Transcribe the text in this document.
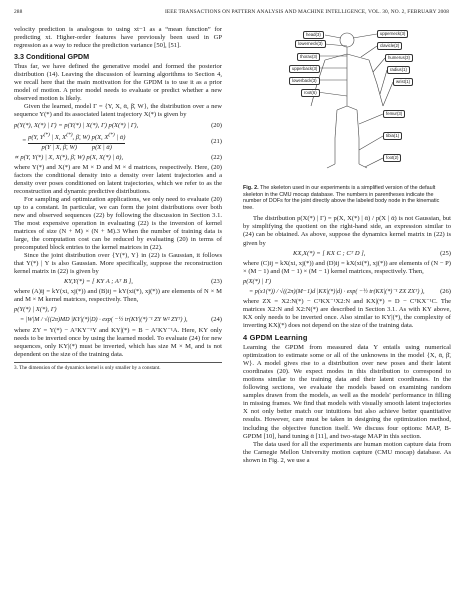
288	IEEE TRANSACTIONS ON PATTERN ANALYSIS AND MACHINE INTELLIGENCE, VOL. 30, NO. 2, FEBRUARY 2008

velocity prediction is analogous to using xt−1 as a “mean function” for predicting xt. Higher-order features have previously been used in GP regression as a way to reduce the prediction variance [50], [51].

3.3 Conditional GPDM

Thus far, we have defined the generative model and formed the posterior distribution (14). Leaving the discussion of learning algorithms to Section 4, we recall here that the main motivation for the GPDM is to use it as a prior model of motion. A prior model needs to evaluate or predict whether a new observed motion is likely.

Given the learned, model Γ = {Y, X, ᾱ, β̄, W}, the distribution over a new sequence Y(*) and its associated latent trajectory X(*) is given by

p(Y(*), X(*) | Γ) = p(Y(*) | X(*), Γ) p(X(*) | Γ),	(20)
= $\frac{p(Y, Y^{(*)} | X, X^{(*)}, \betā, W) p(X, X^{(*)} | ᾱ)}{\text{p(Y | X, β̄, W)         p(X | ᾱ)}}$	(21)
∝ p(Y, Y(*) | X, X(*), β̄, W) p(X, X(*) | ᾱ),	(22)

where Y(*) and X(*) are M × D and M × d matrices, respectively. Here, (20) factors the conditional density into a density over latent trajectories and a density over poses conditioned on latent trajectories, which we refer to as the reconstruction and dynamic predictive distributions.

For sampling and optimization applications, we only need to evaluate (20) up to a constant. In particular, we can form the joint distributions over both new and observed sequences (22) by following the discussion in Section 3.1. The most expensive operation in evaluating (22) is the inversion of kernel matrices of size (N + M) × (N + M).3 When the number of training data is large, the computation cost can be reduced by evaluating (20) in terms of precomputed block entries to the kernel matrices in (22).

Since the joint distribution over {Y(*), Y} in (22) is Gaussian, it follows that Y(*) | Y is also Gaussian. More specifically, suppose the reconstruction kernel matrix in (22) is given by

KY,Y(*) = [ KY A ; Aᵀ B ],	(23)

where (A)ij = kY(xi, xj(*)) and (B)ij = kY(xi(*), xj(*)) are elements of N × M and M × M kernel matrices, respectively. Then,

p(Y(*) | X(*), Γ)
= |W|M / √((2π)MD |KY|(*)|D) · exp( −½ tr(KY|(*)⁻¹ ZY W² ZYᵀ) ),	(24)

where ZY = Y(*) − AᵀKY⁻¹Y and KY|(*) = B − AᵀKY⁻¹A. Here, KY only needs to be inverted once by using the learned model. To evaluate (24) for new sequences, only KY|(*) must be inverted, which has size M × M, and is not dependent on the size of the training data.

3. The dimension of the dynamics kernel is only smaller by a constant.
head(3)
lowerneck(3)
thorax(3)
upperback(3)
lowerback(3)
root(6)
upperneck(3)
clavicle(2)
humerus(3)
radius(1)
wrist(1)
femur(3)
tibia(1)
foot(2)
Fig. 2. The skeleton used in our experiments is a simplified version of the default skeleton in the CMU mocap database. The numbers in parentheses indicate the number of DOFs for the joint directly above the labeled body node in the kinematic tree.

The distribution p(X(*) | Γ) = p(X, X(*) | ᾱ) / p(X | ᾱ) is not Gaussian, but by simplifying the quotient on the right-hand side, an expression similar to (24) can be obtained. As above, suppose the dynamics kernel matrix in (22) is given by

KX,X(*) = [ KX C ; Cᵀ D ],	(25)

where (C)ij = kX(xi, xj(*)) and (D)ij = kX(xi(*), xj(*)) are elements of (N − P) × (M − 1) and (M − 1) × (M − 1) kernel matrices, respectively. Then,

p(X(*) | Γ)
= p(x1(*)) / √((2π)(M−1)d |KX|(*)|d) · exp( −½ tr(KX|(*)⁻¹ ZX ZXᵀ) ), (26)

where ZX = X2:N(*) − CᵀKX⁻¹X2:N and KX|(*) = D − CᵀKX⁻¹C. The matrices X2:N and X2:N(*) are described in Section 3.1. As with KY above, KX only needs to be inverted once. Also similar to KY|(*), the complexity of inverting KX|(*) does not depend on the size of the training data.

4 GPDM Learning

Learning the GPDM from measured data Y entails using numerical optimization to estimate some or all of the unknowns in the model {X, ᾱ, β̄, W}. A model gives rise to a distribution over new poses and their latent coordinates (20). We expect modes in this distribution to correspond to motions similar to the training data and their latent coordinates. In the following sections, we evaluate the models based on examining random samples drawn from the models, as well as the models' performance in filling in missing frames. We find that models with visually smooth latent trajectories X not only better match our intuitions but also achieve better quantitative results. However, care must be taken in designing the optimization method, including the objective function itself. We discuss four options: MAP, B-GPDM [10], hand tuning ᾱ [11], and two-stage MAP in this section.

The data used for all the experiments are human motion capture data from the Carnegie Mellon University motion capture (CMU mocap) database. As shown in Fig. 2, we use a
